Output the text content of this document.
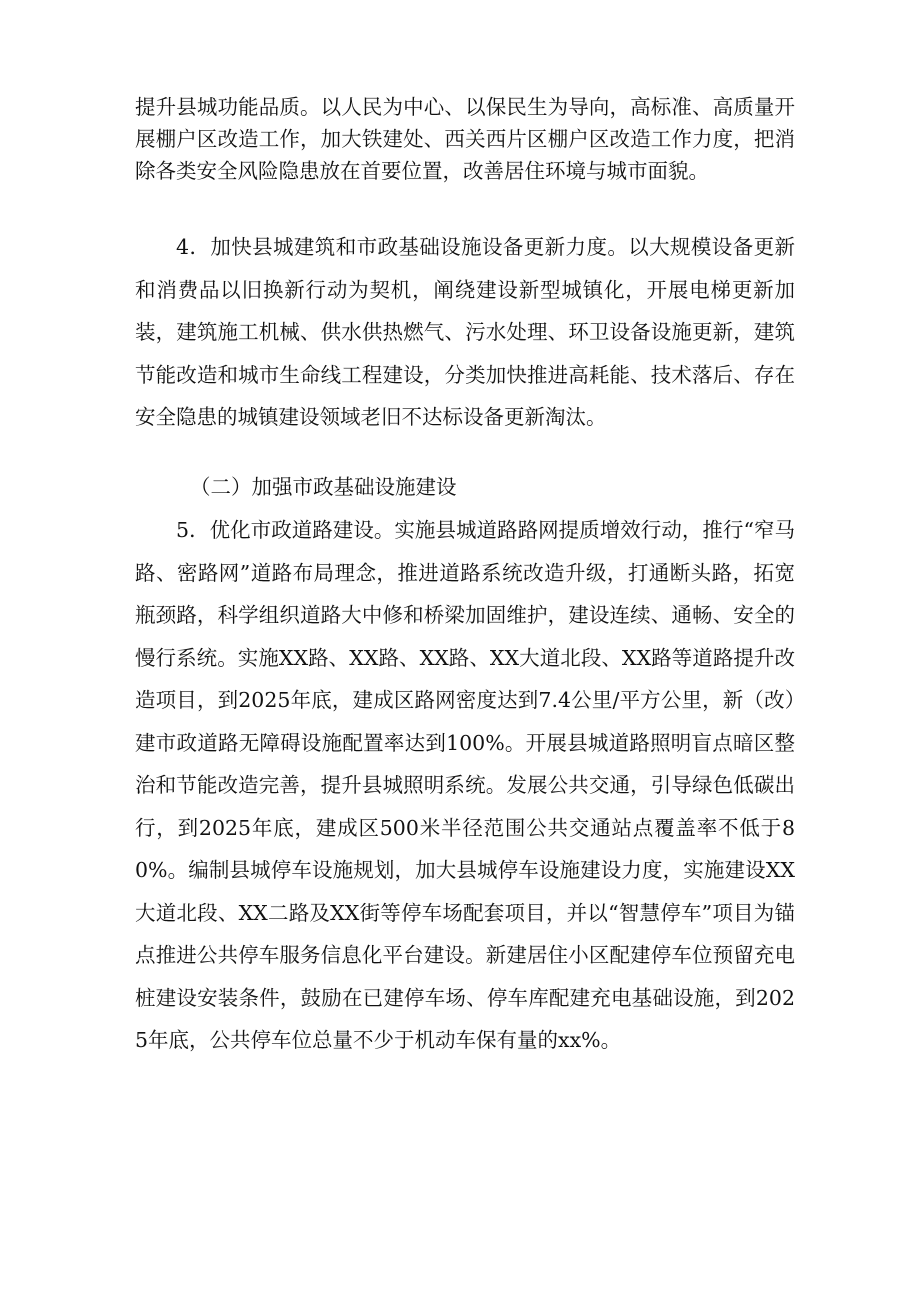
提升县城功能品质。以人民为中心、以保民生为导向，高标准、高质量开展棚户区改造工作，加大铁建处、西关西片区棚户区改造工作力度，把消除各类安全风险隐患放在首要位置，改善居住环境与城市面貌。

4．加快县城建筑和市政基础设施设备更新力度。以大规模设备更新和消费品以旧换新行动为契机，阐绕建设新型城镇化，开展电梯更新加装，建筑施工机械、供水供热燃气、污水处理、环卫设备设施更新，建筑节能改造和城市生命线工程建设，分类加快推进高耗能、技术落后、存在安全隐患的城镇建设领域老旧不达标设备更新淘汰。

（二）加强市政基础设施建设

5．优化市政道路建设。实施县城道路路网提质增效行动，推行“窄马路、密路网”道路布局理念，推进道路系统改造升级，打通断头路，拓宽瓶颈路，科学组织道路大中修和桥梁加固维护，建设连续、通畅、安全的慢行系统。实施XX路、XX路、XX路、XX大道北段、XX路等道路提升改造项目，到2025年底，建成区路网密度达到7.4公里/平方公里，新（改）建市政道路无障碍设施配置率达到100%。开展县城道路照明盲点暗区整治和节能改造完善，提升县城照明系统。发展公共交通，引导绿色低碳出行，到2025年底，建成区500米半径范围公共交通站点覆盖率不低于80%。编制县城停车设施规划，加大县城停车设施建设力度，实施建设XX大道北段、XX二路及XX街等停车场配套项目，并以“智慧停车”项目为锚点推进公共停车服务信息化平台建设。新建居住小区配建停车位预留充电桩建设安装条件，鼓励在已建停车场、停车库配建充电基础设施，到2025年底，公共停车位总量不少于机动车保有量的xx%。
